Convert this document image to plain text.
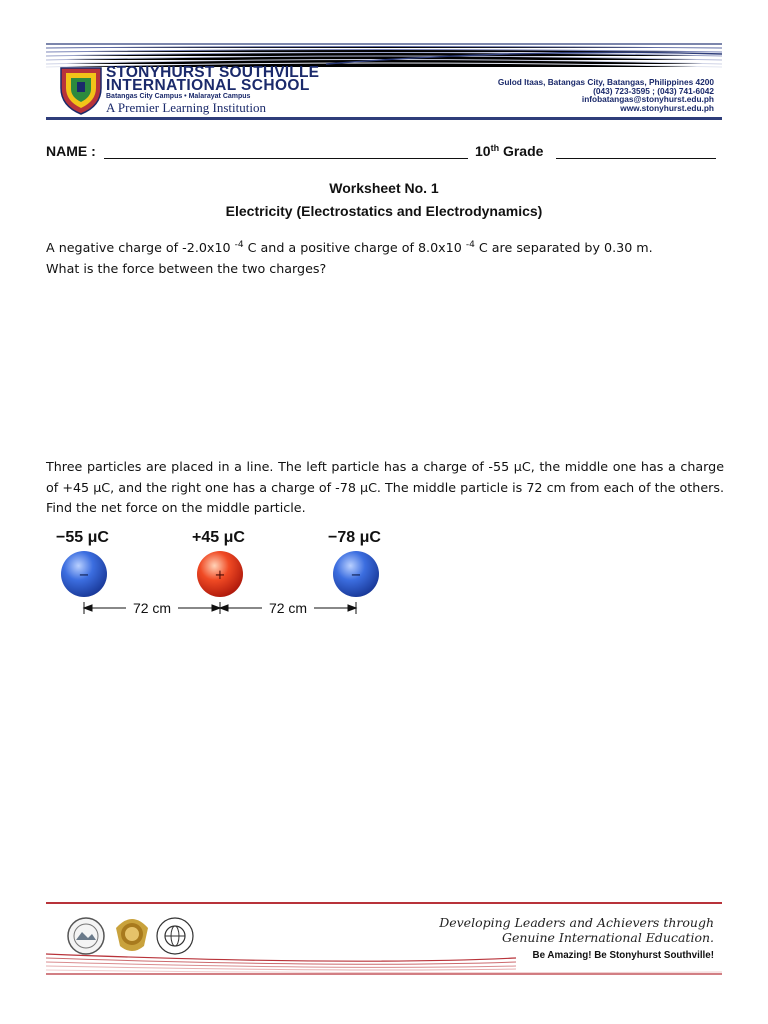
STONYHURST SOUTHVILLE
INTERNATIONAL SCHOOL
Batangas City Campus • Malarayat Campus
A Premier Learning Institution
Gulod Itaas, Batangas City, Batangas, Philippines 4200
(043) 723-3595 ; (043) 741-6042
infobatangas@stonyhurst.edu.ph
www.stonyhurst.edu.ph
NAME :	10th Grade
Worksheet No. 1
Electricity (Electrostatics and Electrodynamics)
A negative charge of -2.0x10 $^{-4}$ C and a positive charge of 8.0x10 $^{-4}$ C are separated by 0.30 m.
What is the force between the two charges?
Three particles are placed in a line. The left particle has a charge of -55 μC, the middle one has a charge of +45 μC, and the right one has a charge of -78 μC. The middle particle is 72 cm from each of the others. Find the net force on the middle particle.
−55 μC	+45 μC	−78 μC
−	+	−
72 cm	72 cm
Developing Leaders and Achievers through
Genuine International Education.
Be Amazing! Be Stonyhurst Southville!
